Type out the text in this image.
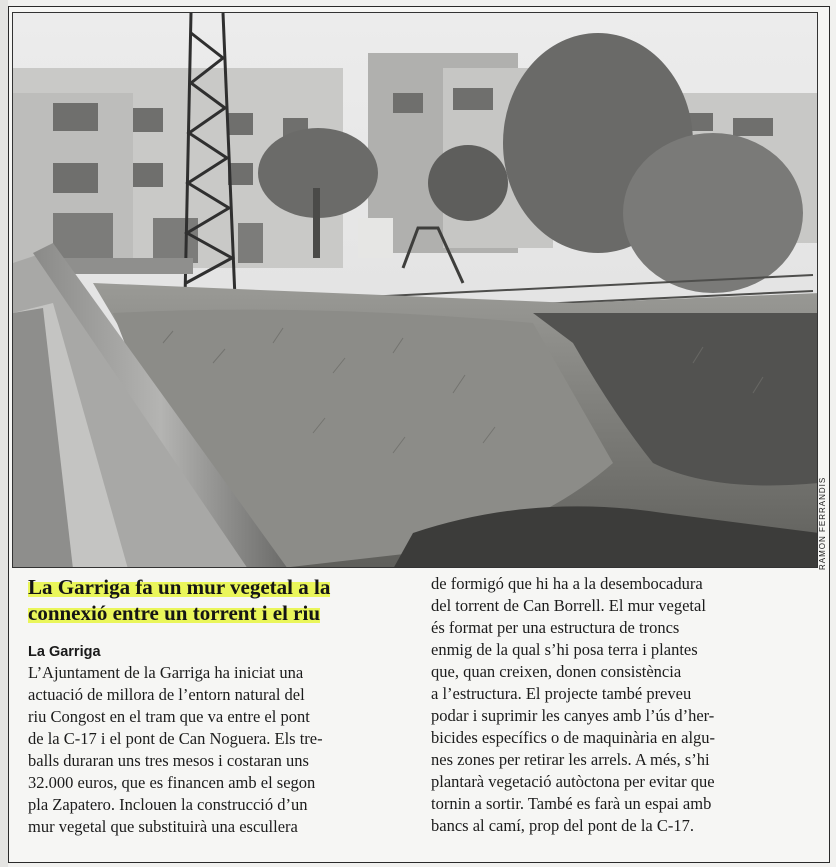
RAMON FERRANDIS
La Garriga fa un mur vegetal a la
connexió entre un torrent i el riu
La Garriga
L’Ajuntament de la Garriga ha iniciat una
actuació de millora de l’entorn natural del
riu Congost en el tram que va entre el pont
de la C-17 i el pont de Can Noguera. Els tre-
balls duraran uns tres mesos i costaran uns
32.000 euros, que es financen amb el segon
pla Zapatero. Inclouen la construcció d’un
mur vegetal que substituirà una escullera
de formigó que hi ha a la desembocadura
del torrent de Can Borrell. El mur vegetal
és format per una estructura de troncs
enmig de la qual s’hi posa terra i plantes
que, quan creixen, donen consistència
a l’estructura. El projecte també preveu
podar i suprimir les canyes amb l’ús d’her-
bicides específics o de maquinària en algu-
nes zones per retirar les arrels. A més, s’hi
plantarà vegetació autòctona per evitar que
tornin a sortir. També es farà un espai amb
bancs al camí, prop del pont de la C-17.
